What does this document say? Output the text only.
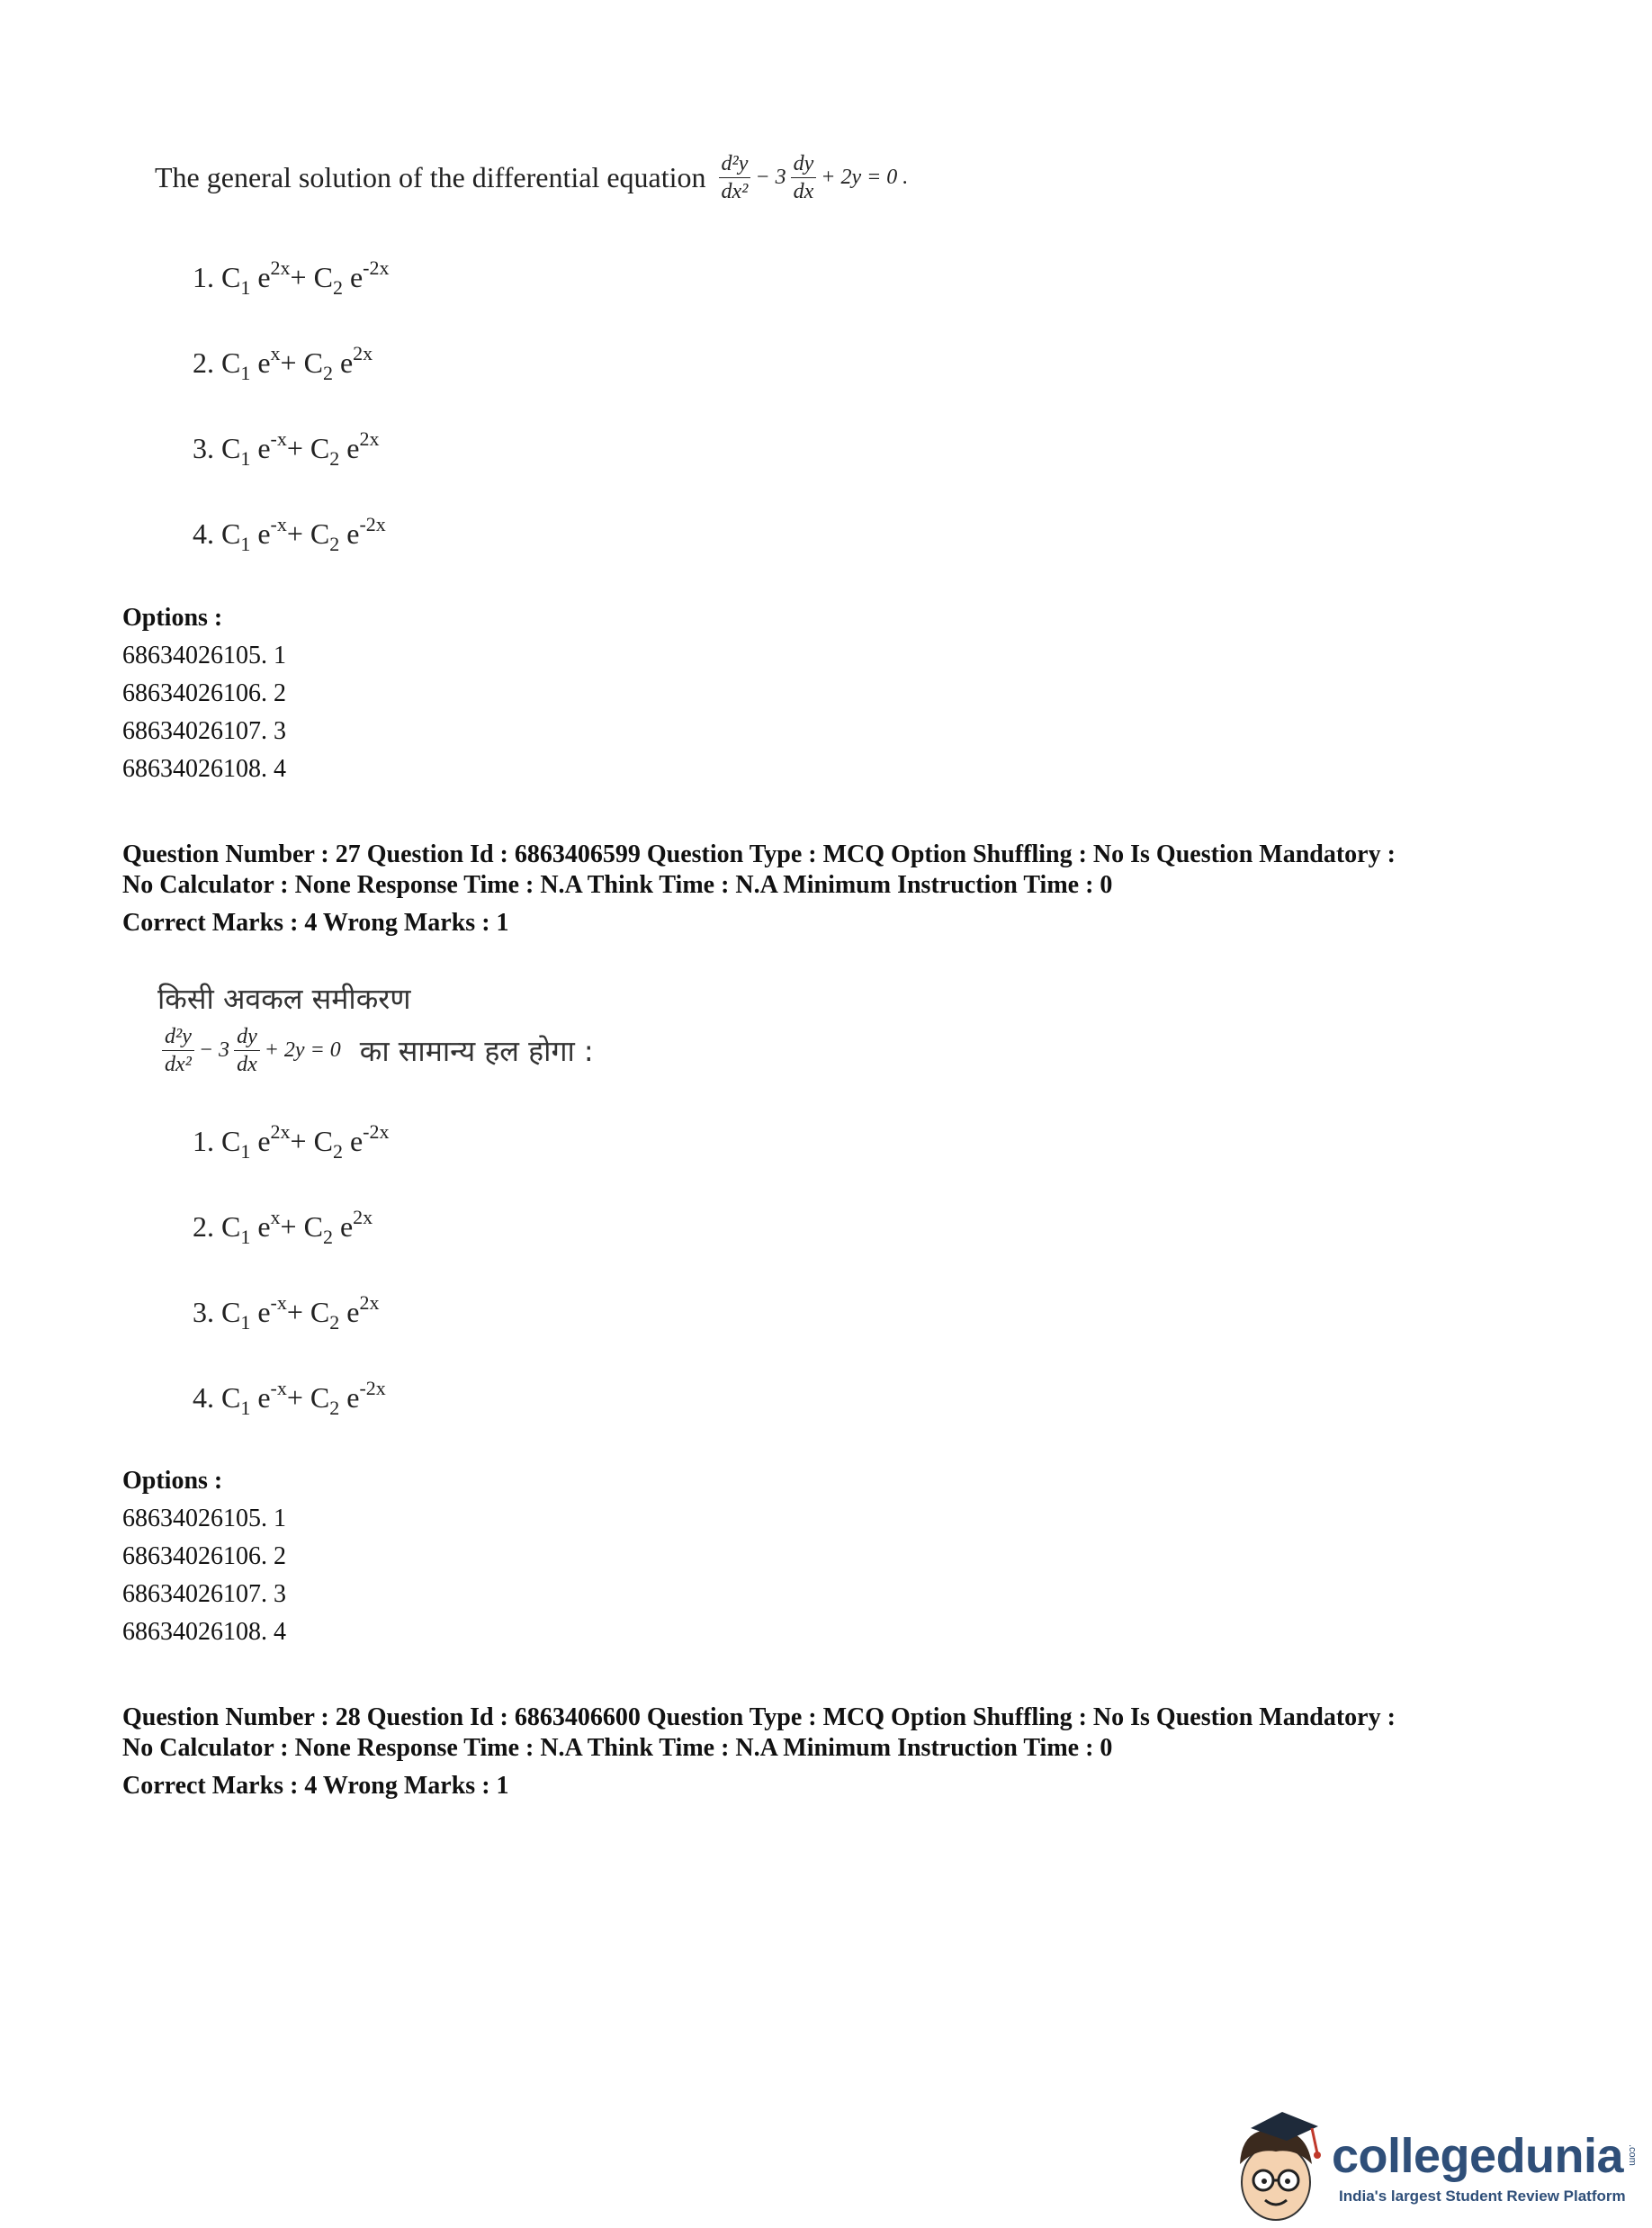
The general solution of the differential equation $\frac{\text{d²y}}{\text{dx²}} - 3 \frac{dy}{dx} + 2y = 0$ .
1. $C_1$ $e^{2x}+ C_2$ $e^{-2x}$
2. $C_1$ $e^x+ C_2$ $e^{2x}$
3. $C_1$ $e^{-x}+ C_2$ $e^{2x}$
4. $C_1$ $e^{-x}+ C_2$ $e^{-2x}$
Options :
68634026105. 1
68634026106. 2
68634026107. 3
68634026108. 4
Question Number : 27 Question Id : 6863406599 Question Type : MCQ Option Shuffling : No Is Question Mandatory :
No Calculator : None Response Time : N.A Think Time : N.A Minimum Instruction Time : 0
Correct Marks : 4 Wrong Marks : 1
किसी अवकल समीकरण
$\frac{\text{d²y}}{\text{dx²}} - 3 \frac{dy}{dx} + 2y = 0$ का सामान्य हल होगा :
1. $C_1$ $e^{2x}+ C_2$ $e^{-2x}$
2. $C_1$ $e^x+ C_2$ $e^{2x}$
3. $C_1$ $e^{-x}+ C_2$ $e^{2x}$
4. $C_1$ $e^{-x}+ C_2$ $e^{-2x}$
Options :
68634026105. 1
68634026106. 2
68634026107. 3
68634026108. 4
Question Number : 28 Question Id : 6863406600 Question Type : MCQ Option Shuffling : No Is Question Mandatory :
No Calculator : None Response Time : N.A Think Time : N.A Minimum Instruction Time : 0
Correct Marks : 4 Wrong Marks : 1
collegedunia .com
India's largest Student Review Platform
